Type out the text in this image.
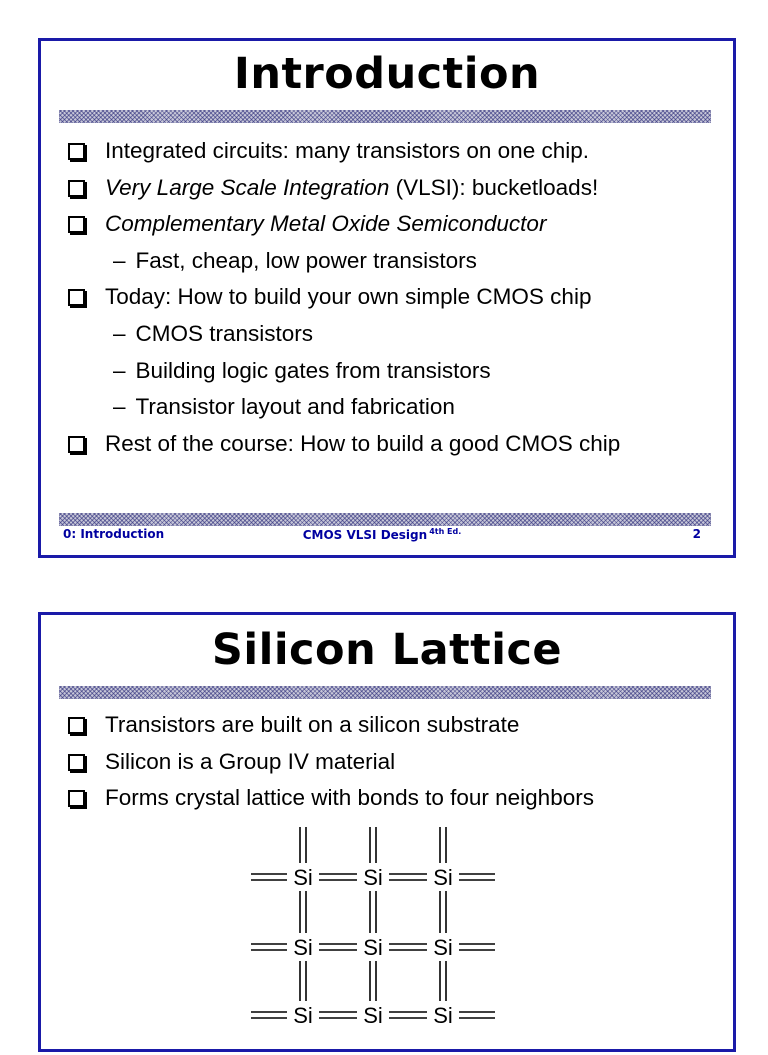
Introduction
Integrated circuits: many transistors on one chip.
Very Large Scale Integration (VLSI): bucketloads!
Complementary Metal Oxide Semiconductor
– Fast, cheap, low power transistors
Today: How to build your own simple CMOS chip
– CMOS transistors
– Building logic gates from transistors
– Transistor layout and fabrication
Rest of the course: How to build a good CMOS chip
0: Introduction	CMOS VLSI Design $^{4th Ed.}$	2
Silicon Lattice
Transistors are built on a silicon substrate
Silicon is a Group IV material
Forms crystal lattice with bonds to four neighbors
Si Si Si
Si Si Si
Si Si Si
